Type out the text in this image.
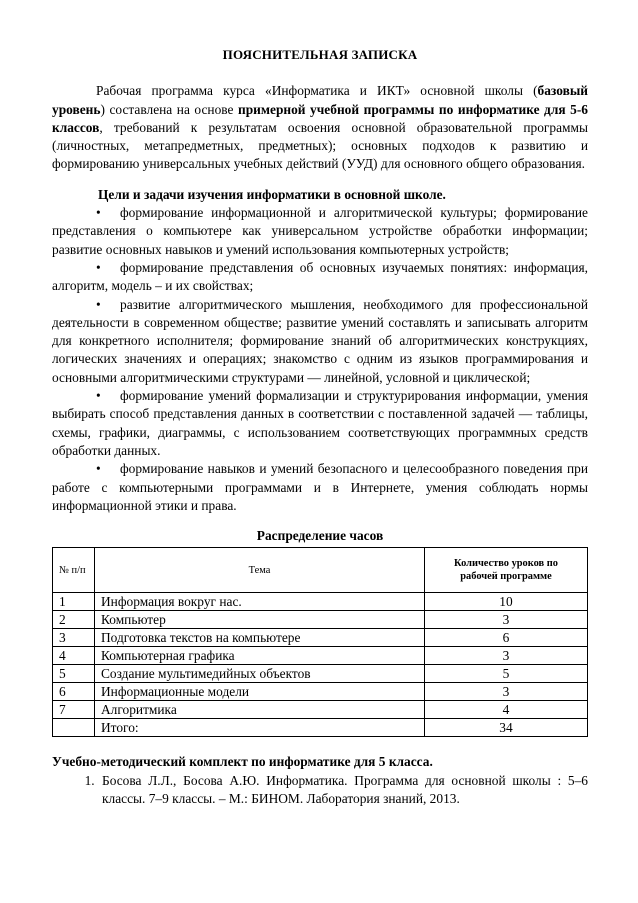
ПОЯСНИТЕЛЬНАЯ ЗАПИСКА

Рабочая программа курса «Информатика и ИКТ» основной школы (базовый уровень) составлена на основе примерной учебной программы по информатике для 5-6 классов, требований к результатам освоения основной образовательной программы (личностных, метапредметных, предметных); основных подходов к развитию и формированию универсальных учебных действий (УУД) для основного общего образования.

Цели и задачи изучения информатики в основной школе.

• формирование информационной и алгоритмической культуры; формирование представления о компьютере как универсальном устройстве обработки информации; развитие основных навыков и умений использования компьютерных устройств;

• формирование представления об основных изучаемых понятиях: информация, алгоритм, модель – и их свойствах;

• развитие алгоритмического мышления, необходимого для профессиональной деятельности в современном обществе; развитие умений составлять и записывать алгоритм для конкретного исполнителя; формирование знаний об алгоритмических конструкциях, логических значениях и операциях; знакомство с одним из языков программирования и основными алгоритмическими структурами — линейной, условной и циклической;

• формирование умений формализации и структурирования информации, умения выбирать способ представления данных в соответствии с поставленной задачей — таблицы, схемы, графики, диаграммы, с использованием соответствующих программных средств обработки данных.

• формирование навыков и умений безопасного и целесообразного поведения при работе с компьютерными программами и в Интернете, умения соблюдать нормы информационной этики и права.

Распределение часов
№ п/п	Тема	Количество уроков по
рабочей программе
1	Информация вокруг нас.	10
2	Компьютер	3
3	Подготовка текстов на компьютере	6
4	Компьютерная графика	3
5	Создание мультимедийных объектов	5
6	Информационные модели	3
7	Алгоритмика	4
	Итого:	34
Учебно-методический комплект по информатике для 5 класса.
1. Босова Л.Л., Босова А.Ю. Информатика. Программа для основной школы : 5–6 классы. 7–9 классы. – М.: БИНОМ. Лаборатория знаний, 2013.
